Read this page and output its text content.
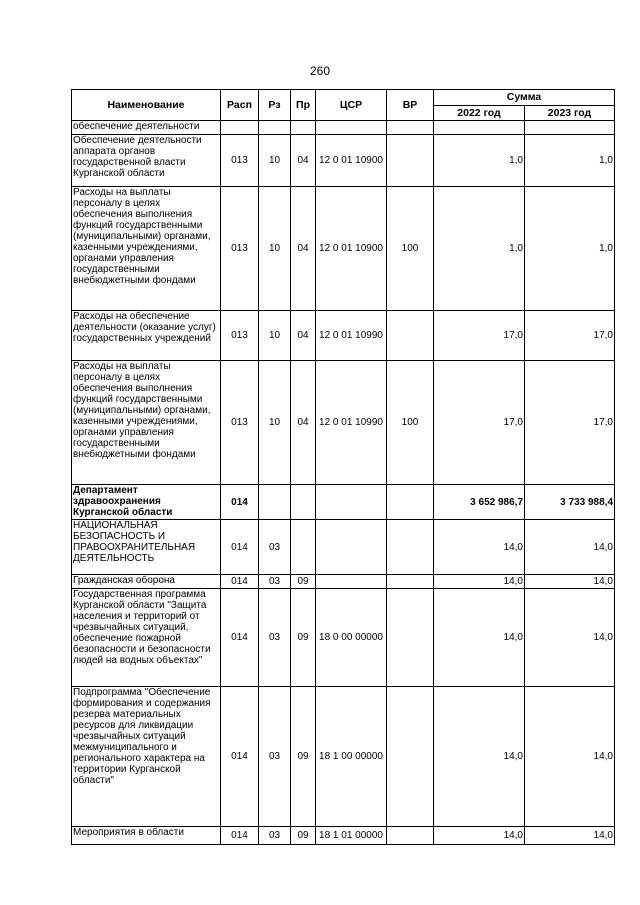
260
Наименование	Расп	Рз	Пр	ЦСР	ВР	Сумма	
						2022 год	2023 год
обеспечение деятельности							
Обеспечение деятельности аппарата органов государственной власти Курганской области	013	10	04	12 0 01 10900		1,0	1,0
Расходы на выплаты персоналу в целях обеспечения выполнения функций государственными (муниципальными) органами, казенными учреждениями, органами управления государственными внебюджетными фондами	013	10	04	12 0 01 10900	100	1,0	1,0
Расходы на обеспечение деятельности (оказание услуг) государственных учреждений	013	10	04	12 0 01 10990		17,0	17,0
Расходы на выплаты персоналу в целях обеспечения выполнения функций государственными (муниципальными) органами, казенными учреждениями, органами управления государственными внебюджетными фондами	013	10	04	12 0 01 10990	100	17,0	17,0
Департамент здравоохранения Курганской области	014					3 652 986,7	3 733 988,4
НАЦИОНАЛЬНАЯ БЕЗОПАСНОСТЬ И ПРАВООХРАНИТЕЛЬНАЯ ДЕЯТЕЛЬНОСТЬ	014	03				14,0	14,0
Гражданская оборона	014	03	09			14,0	14,0
Государственная программа Курганской области "Защита населения и территорий от чрезвычайных ситуаций, обеспечение пожарной безопасности и безопасности людей на водных объектах"	014	03	09	18 0 00 00000		14,0	14,0
Подпрограмма "Обеспечение формирования и содержания резерва материальных ресурсов для ликвидации чрезвычайных ситуаций межмуниципального и регионального характера на территории Курганской области"	014	03	09	18 1 00 00000		14,0	14,0
Мероприятия в области	014	03	09	18 1 01 00000		14,0	14,0
